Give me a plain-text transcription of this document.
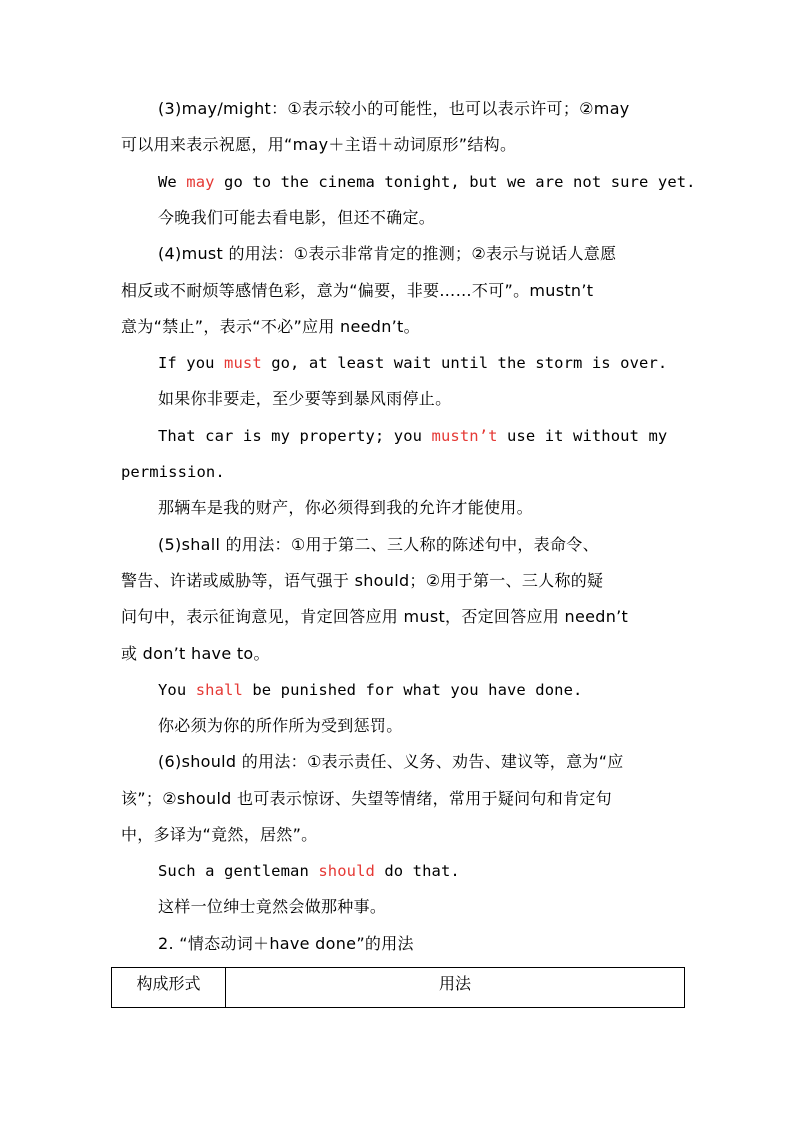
(3)may/might：①表示较小的可能性，也可以表示许可；②may
可以用来表示祝愿，用“may＋主语＋动词原形”结构。
We may go to the cinema tonight, but we are not sure yet.
今晚我们可能去看电影，但还不确定。
(4)must 的用法：①表示非常肯定的推测；②表示与说话人意愿
相反或不耐烦等感情色彩，意为“偏要，非要……不可”。mustn’t
意为“禁止”，表示“不必”应用 needn’t。
If you must go, at least wait until the storm is over.
如果你非要走，至少要等到暴风雨停止。
That car is my property; you mustn’t use it without my
permission.
那辆车是我的财产，你必须得到我的允许才能使用。
(5)shall 的用法：①用于第二、三人称的陈述句中，表命令、
警告、许诺或威胁等，语气强于 should；②用于第一、三人称的疑
问句中，表示征询意见，肯定回答应用 must，否定回答应用 needn’t
或 don’t have to。
You shall be punished for what you have done.
你必须为你的所作所为受到惩罚。
(6)should 的用法：①表示责任、义务、劝告、建议等，意为“应
该”；②should 也可表示惊讶、失望等情绪，常用于疑问句和肯定句
中，多译为“竟然，居然”。
Such a gentleman should do that.
这样一位绅士竟然会做那种事。
2. “情态动词＋have done”的用法
构成形式	用法
